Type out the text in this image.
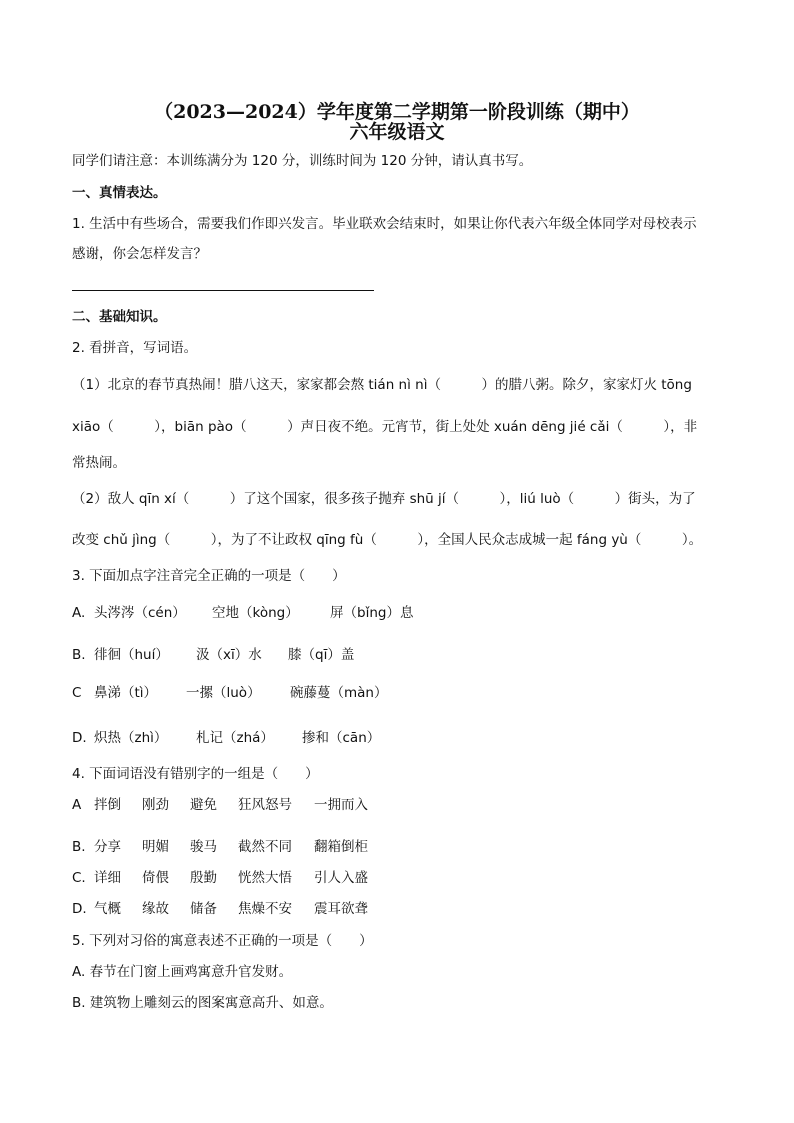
（2023—2024）学年度第二学期第一阶段训练（期中）
六年级语文
同学们请注意：本训练满分为 120 分，训练时间为 120 分钟，请认真书写。
一、真情表达。
1. 生活中有些场合，需要我们作即兴发言。毕业联欢会结束时，如果让你代表六年级全体同学对母校表示
感谢，你会怎样发言？
二、基础知识。
2. 看拼音，写词语。
（1）北京的春节真热闹！腊八这天，家家都会熬 tián nì nì（　　　）的腊八粥。除夕，家家灯火 tōng
xiāo（　　　），biān pào（　　　）声日夜不绝。元宵节，街上处处 xuán dēng jié cǎi（　　　），非
常热闹。
（2）敌人 qīn xí（　　　）了这个国家，很多孩子抛弃 shū jí（　　　），liú luò（　　　）街头，为了
改变 chǔ jìng（　　　），为了不让政权 qīng fù（　　　），全国人民众志成城一起 fáng yù（　　　）。
3. 下面加点字注音完全正确的一项是（　　）
A. 头涔涔（cén） 空地（kòng） 屏（bǐng）息
B. 徘徊（huí） 汲（xī）水 膝（qī）盖
C 鼻涕（tì） 一摞（luò） 碗藤蔓（màn）
D. 炽热（zhì） 札记（zhá） 掺和（cān）
4. 下面词语没有错别字的一组是（　　）
A 拌倒 刚劲 避免 狂风怒号 一拥而入
B. 分享 明媚 骏马 截然不同 翻箱倒柜
C. 详细 倚偎 殷勤 恍然大悟 引人入盛
D. 气概 缘故 储备 焦燥不安 震耳欲聋
5. 下列对习俗的寓意表述不正确的一项是（　　）
A. 春节在门窗上画鸡寓意升官发财。
B. 建筑物上雕刻云的图案寓意高升、如意。
